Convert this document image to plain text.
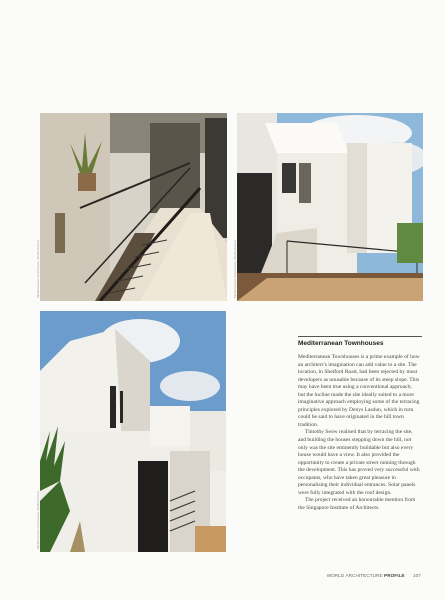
Mediterranean Townhouses, Shelford Road	Mediterranean Townhouses, Shelford Road
Mediterranean Townhouses, Shelford Road
Mediterranean Townhouses

Mediterranean Townhouses is a prime example of how an architect's imagination can add value to a site. The location, in Shelford Road, had been rejected by most developers as unusable because of its steep slope. This may have been true using a conventional approach; but the incline made the site ideally suited to a more imaginative approach employing some of the terracing principles explored by Denys Lasdun, which in turn could be said to have originated in the hill town tradition.

Timothy Seow realised that by terracing the site, and building the houses stepping down the hill, not only was the site eminently buildable but also every house would have a view. It also provided the opportunity to create a private street running through the development. This has proved very successful with occupants, who have taken great pleasure in personalising their individual entrances. Solar panels were fully integrated with the roof design.

The project received an honourable mention from the Singapore Institute of Architects.

WORLD ARCHITECTURE PROFILE 107
